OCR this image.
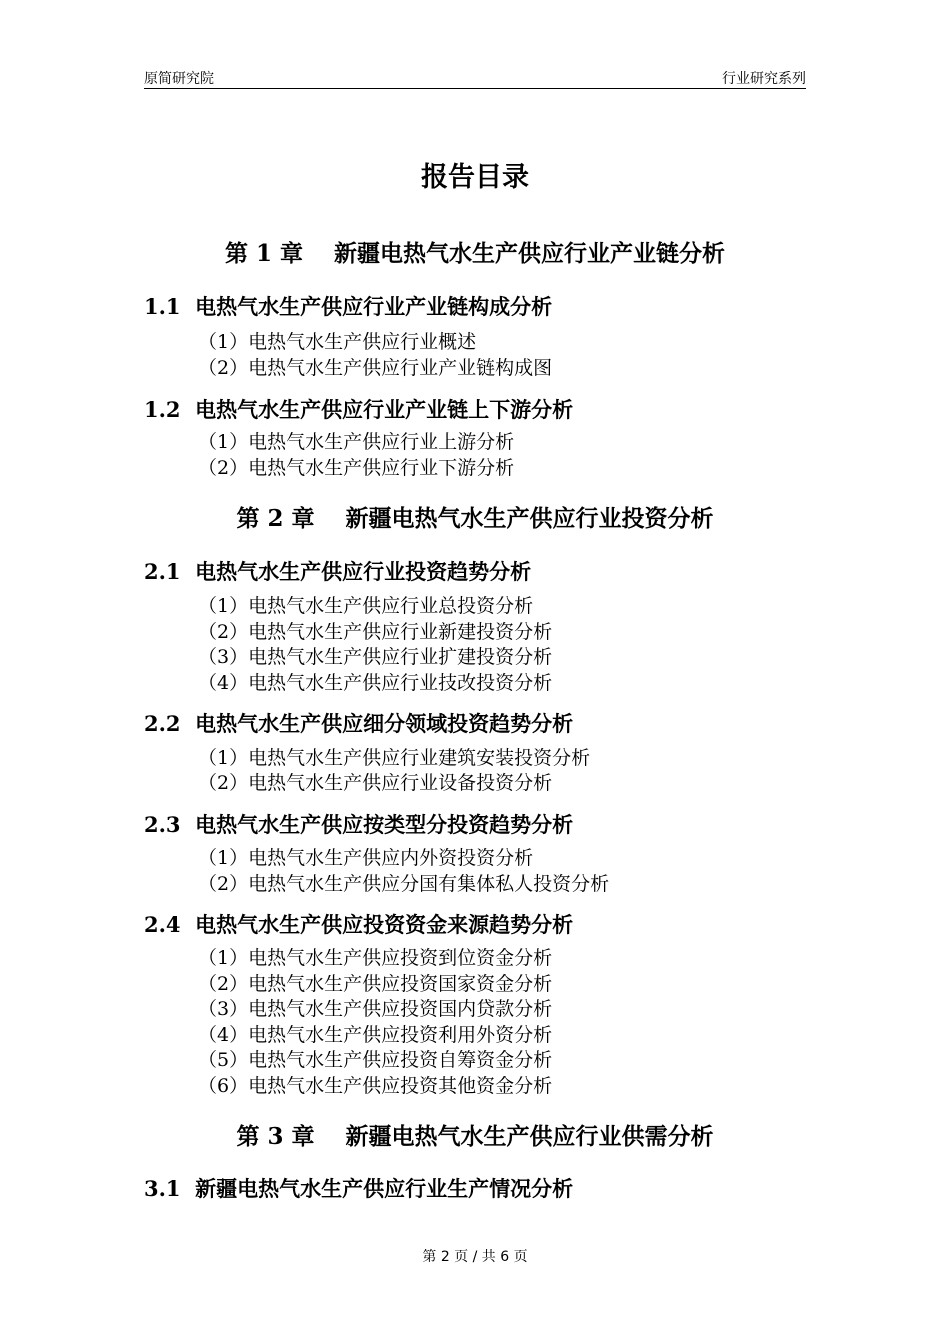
原简研究院	行业研究系列
报告目录
第 1 章　 新疆电热气水生产供应行业产业链分析
1.1  电热气水生产供应行业产业链构成分析
（1）电热气水生产供应行业概述
（2）电热气水生产供应行业产业链构成图
1.2  电热气水生产供应行业产业链上下游分析
（1）电热气水生产供应行业上游分析
（2）电热气水生产供应行业下游分析
第 2 章　 新疆电热气水生产供应行业投资分析
2.1  电热气水生产供应行业投资趋势分析
（1）电热气水生产供应行业总投资分析
（2）电热气水生产供应行业新建投资分析
（3）电热气水生产供应行业扩建投资分析
（4）电热气水生产供应行业技改投资分析
2.2  电热气水生产供应细分领域投资趋势分析
（1）电热气水生产供应行业建筑安装投资分析
（2）电热气水生产供应行业设备投资分析
2.3  电热气水生产供应按类型分投资趋势分析
（1）电热气水生产供应内外资投资分析
（2）电热气水生产供应分国有集体私人投资分析
2.4  电热气水生产供应投资资金来源趋势分析
（1）电热气水生产供应投资到位资金分析
（2）电热气水生产供应投资国家资金分析
（3）电热气水生产供应投资国内贷款分析
（4）电热气水生产供应投资利用外资分析
（5）电热气水生产供应投资自筹资金分析
（6）电热气水生产供应投资其他资金分析
第 3 章　 新疆电热气水生产供应行业供需分析
3.1  新疆电热气水生产供应行业生产情况分析
第 2 页 / 共 6 页
